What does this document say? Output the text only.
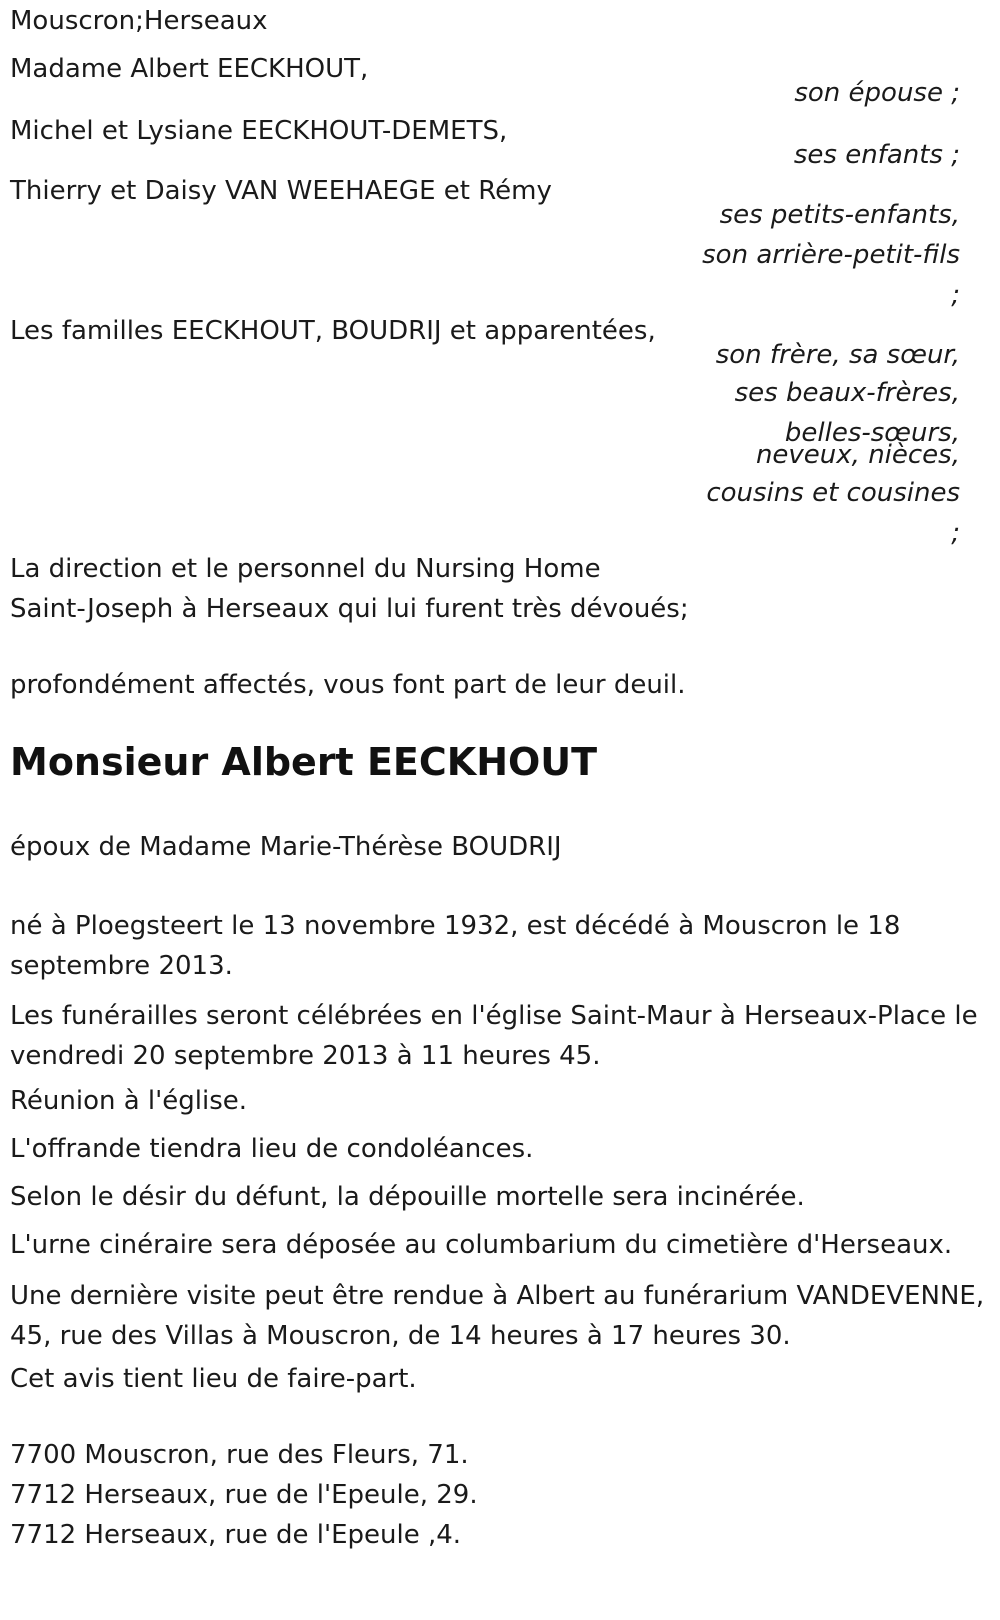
Mouscron;Herseaux
Madame Albert EECKHOUT,
son épouse ;
Michel et Lysiane EECKHOUT-DEMETS,
ses enfants ;
Thierry et Daisy VAN WEEHAEGE et Rémy
ses petits-enfants,
son arrière-petit-fils
;
Les familles EECKHOUT, BOUDRIJ et apparentées,
son frère, sa sœur,
ses beaux-frères,
belles-sœurs,
neveux, nièces,
cousins et cousines
;
La direction et le personnel du Nursing Home
Saint-Joseph à Herseaux qui lui furent très dévoués;
profondément affectés, vous font part de leur deuil.
Monsieur Albert EECKHOUT
époux de Madame Marie-Thérèse BOUDRIJ
né à Ploegsteert le 13 novembre 1932, est décédé à Mouscron le 18 septembre 2013.
Les funérailles seront célébrées en l'église Saint-Maur à Herseaux-Place le vendredi 20 septembre 2013 à 11 heures 45.
Réunion à l'église.
L'offrande tiendra lieu de condoléances.
Selon le désir du défunt, la dépouille mortelle sera incinérée.
L'urne cinéraire sera déposée au columbarium du cimetière d'Herseaux.
Une dernière visite peut être rendue à Albert au funérarium VANDEVENNE, 45, rue des Villas à Mouscron, de 14 heures à 17 heures 30.
Cet avis tient lieu de faire-part.
7700 Mouscron, rue des Fleurs, 71.
7712 Herseaux, rue de l'Epeule, 29.
7712 Herseaux, rue de l'Epeule ,4.
